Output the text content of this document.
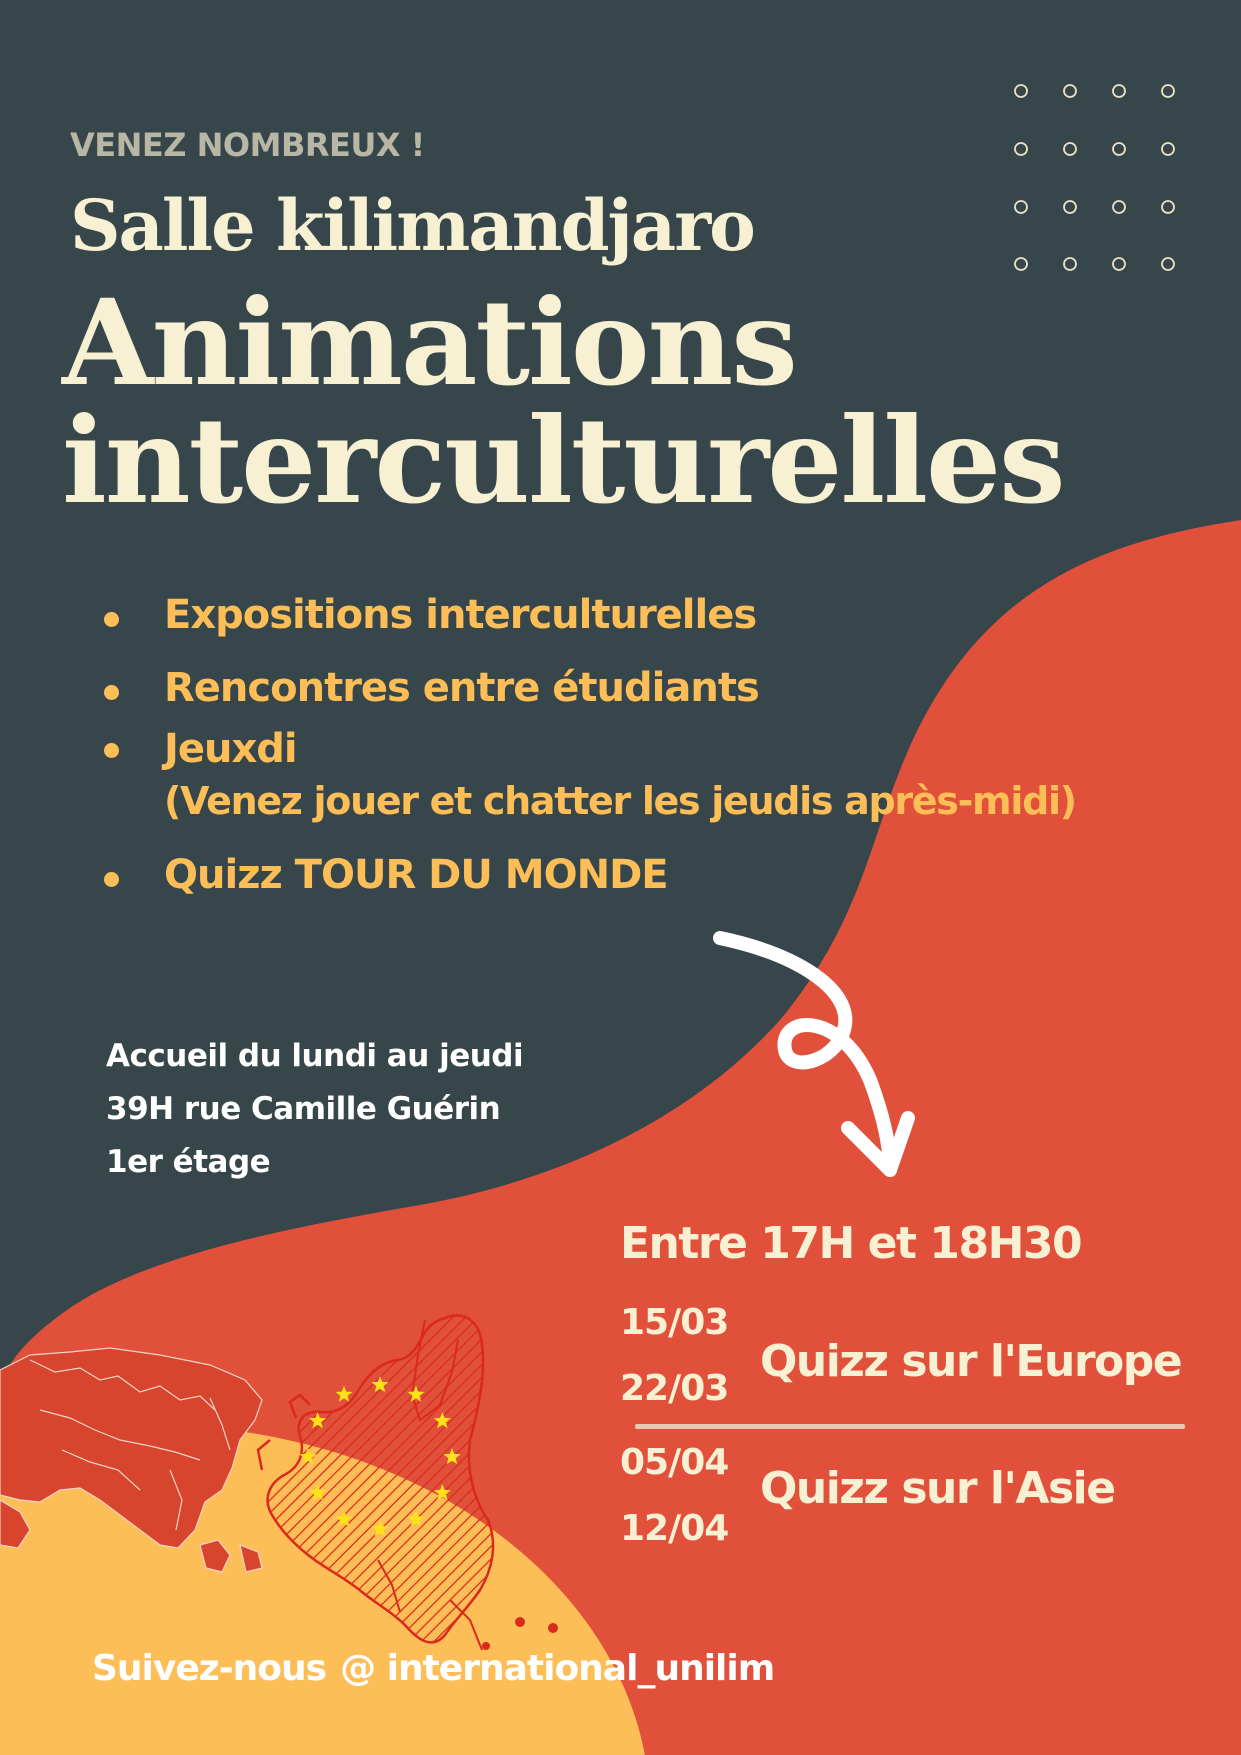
VENEZ NOMBREUX !
Salle kilimandjaro
Animations
interculturelles
Expositions interculturelles
Rencontres entre étudiants
Jeuxdi
(Venez jouer et chatter les jeudis après-midi)
Quizz TOUR DU MONDE
Accueil du lundi au jeudi
39H rue Camille Guérin
1er étage
Entre 17H et 18H30
15/03
22/03
Quizz sur l'Europe
05/04
12/04
Quizz sur l'Asie
Suivez-nous @ international_unilim
